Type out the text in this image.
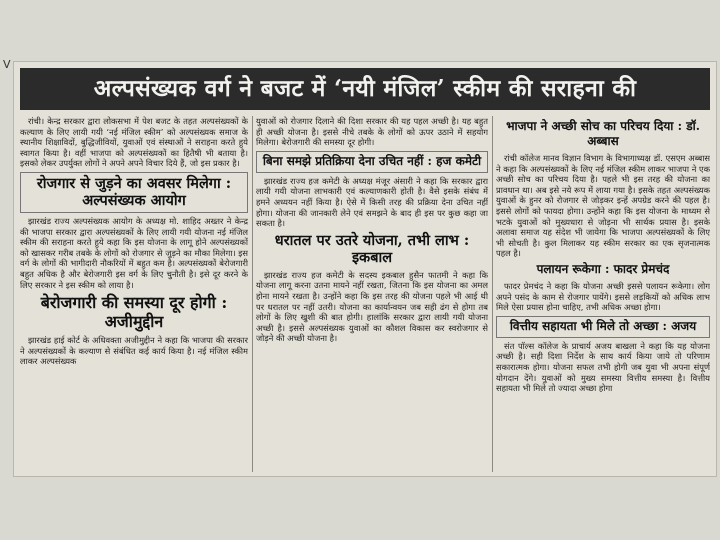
V
अल्पसंख्यक वर्ग ने बजट में ‘नयी मंजिल’ स्कीम की सराहना की

रांची। केन्द्र सरकार द्वारा लोकसभा में पेश बजट के तहत अल्पसंख्यकों के कल्याण के लिए लायी गयी ‘नई मंजिल स्कीम’ को अल्पसंख्यक समाज के स्थानीय शिक्षाविदों, बुद्धिजीवियों, युवाओं एवं संस्थाओं ने सराहना करते हुये स्वागत किया है। वहीं भाजपा को अल्पसंख्यकों का हितैषी भी बताया है। इसको लेकर उपर्युक्त लोगों ने अपने अपने विचार दिये हैं, जो इस प्रकार है।

रोजगार से जुड़ने का अवसर मिलेगा : अल्पसंख्यक आयोग

झारखंड राज्य अल्पसंख्यक आयोग के अध्यक्ष मो. शाहिद अख्तर ने केन्द्र की भाजपा सरकार द्वारा अल्पसंख्यकों के लिए लायी गयी योजना नई मंजिल स्कीम की सराहना करते हुये कहा कि इस योजना के लागू होने अल्पसंख्यकों को खासकर गरीब तबके के लोगों को रोजगार से जुड़ने का मौका मिलेगा। इस वर्ग के लोगों की भागीदारी नौकरियों में बहुत कम है। अल्पसंख्यकों बेरोजगारी बहुत अधिक है और बेरोजगारी इस वर्ग के लिए चुनौती है। इसे दूर करने के लिए सरकार ने इस स्कीम को लाया है।

बेरोजगारी की समस्या दूर होगी : अजीमुद्दीन

झारखंड हाई कोर्ट के अधिवक्ता अजीमुद्दीन ने कहा कि भाजपा की सरकार ने अल्पसंख्यकों के कल्याण से संबंधित कई कार्य किया है। नई मंजिल स्कीम लाकर अल्पसंख्यक

युवाओं को रोजगार दिलाने की दिशा सरकार की यह पहल अच्छी है। यह बहुत ही अच्छी योजना है। इससे नीचे तबके के लोगों को ऊपर उठाने में सहयोग मिलेगा। बेरोजगारी की समस्या दूर होगी।

बिना समझे प्रतिक्रिया देना उचित नहीं : हज कमेटी

झारखंड राज्य हज कमेटी के अध्यक्ष मंजूर अंसारी ने कहा कि सरकार द्वारा लायी गयी योजना लाभकारी एवं कल्याणकारी होती है। वैसे इसके संबंध में हमने अध्ययन नहीं किया है। ऐसे में किसी तरह की प्रक्रिया देना उचित नहीं होगा। योजना की जानकारी लेने एवं समझने के बाद ही इस पर कुछ कहा जा सकता है।

धरातल पर उतरे योजना, तभी लाभ : इकबाल

झारखंड राज्य हज कमेटी के सदस्य इकबाल हुसैन फातमी ने कहा कि योजना लागू करना उतना मायने नहीं रखता, जितना कि इस योजना का अमल होना मायने रखता है। उन्होंने कहा कि इस तरह की योजना पहले भी आई थी पर धरातल पर नहीं उतरी। योजना का कार्यान्वयन जब सही ढंग से होगा तब लोगों के लिए खुशी की बात होगी। हालांकि सरकार द्वारा लायी गयी योजना अच्छी है। इससे अल्पसंख्यक युवाओं का कौशल विकास कर स्वरोजगार से जोड़ने की अच्छी योजना है।

भाजपा ने अच्छी सोच का परिचय दिया : डॉ. अब्बास

रांची कॉलेज मानव विज्ञान विभाग के विभागाध्यक्ष डॉ. एसएम अब्बास ने कहा कि अल्पसंख्यकों के लिए नई मंजिल स्कीम लाकर भाजपा ने एक अच्छी सोच का परिचय दिया है। पहले भी इस तरह की योजना का प्रावधान था। अब इसे नये रूप में लाया गया है। इसके तहत अल्पसंख्यक युवाओं के हुनर को रोजगार से जोड़कर इन्हें अपग्रेड करने की पहल है। इससे लोगों को फायदा होगा। उन्होंने कहा कि इस योजना के माध्यम से भटके युवाओं को मुख्यधारा से जोड़ना भी सार्थक प्रयास है। इसके अलावा समाज यह संदेश भी जायेगा कि भाजपा अल्पसंख्यकों के लिए भी सोचती है। कुल मिलाकर यह स्कीम सरकार का एक सृजनात्मक पहल है।

पलायन रूकेगा : फादर प्रेमचंद

फादर प्रेमचंद ने कहा कि योजना अच्छी इससे पलायन रूकेगा। लोग अपने पसंद के काम से रोजगार पायेंगे। इससे लड़कियों को अधिक लाभ मिले ऐसा प्रयास होना चाहिए, तभी अधिक अच्छा होगा।

वित्तीय सहायता भी मिले तो अच्छा : अजय

संत पॉल्स कॉलेज के प्राचार्य अजय बाखला ने कहा कि यह योजना अच्छी है। सही दिशा निर्देश के साथ कार्य किया जाये तो परिणाम सकारात्मक होगा। योजना सफल तभी होगी जब युवा भी अपना संपूर्ण योगदान देंगे। युवाओं को मुख्य समस्या वित्तीय समस्या है। वित्तीय सहायता भी मिले तो ज्यादा अच्छा होगा
